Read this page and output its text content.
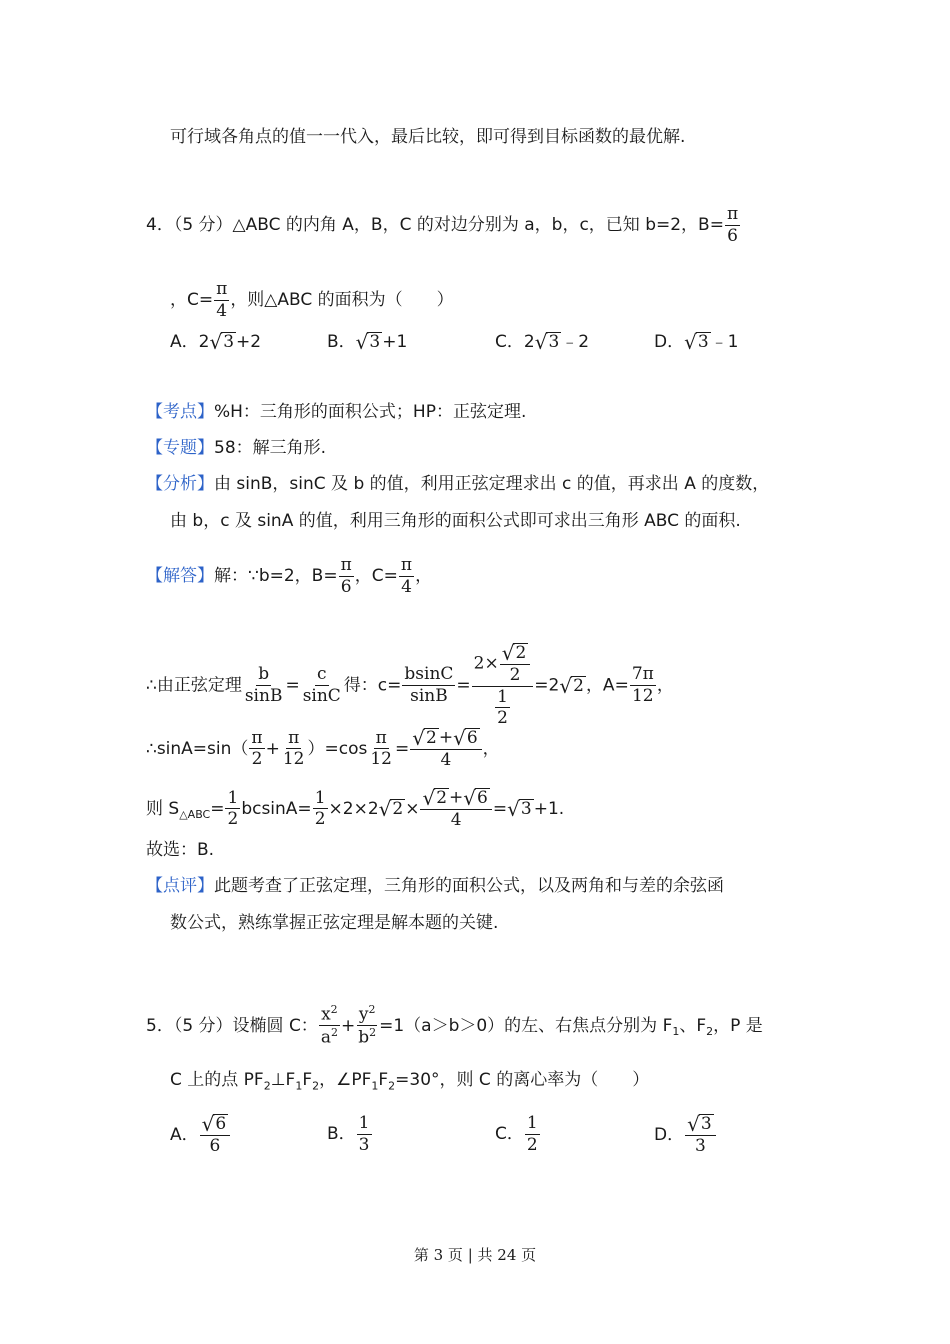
可行域各角点的值一一代入，最后比较，即可得到目标函数的最优解.
4．（5 分）△ABC 的内角 A，B，C 的对边分别为 a，b，c，已知 b=2，$B= \frac{\pi}{6}$
，$C= \frac{\pi}{4}$ ，则△ABC 的面积为（　　）
A．2 √ 3 +2	B． √ 3 +1	C．2 √ 3 ﹣2	D． √ 3 ﹣1
【考点】%H：三角形的面积公式；HP：正弦定理.
【专题】58：解三角形.
【分析】由 sinB，sinC 及 b 的值，利用正弦定理求出 c 的值，再求出 A 的度数，
由 b，c 及 sinA 的值，利用三角形的面积公式即可求出三角形 ABC 的面积.
【解答】解：∵b=2，$B= \frac{\pi}{6}$ ，$C= \frac{\pi}{4}$ ，
∴由正弦定理 $\frac{b}{\sin B} = \frac{c}{\sin C}$ 得：$c= \frac{bsinC}{\sin B} = \frac{2\times \frac{√ 2}{2}}{\frac{1}{2}} =2$ √ 2 ，$A= \frac{7\pi}{12}$ ，
∴sinA=sin（ $\frac{\pi}{2} + \frac{\pi}{12} )=\cos \frac{\pi}{12} = \frac{√ 2 + √ 6}{4}$ ，
则 $S_{\triangle ABC}= \frac{1}{2} bcsinA= \frac{1}{2} \times 2\times 2$ √ $2 \times \frac{√ 2 + √ 6}{4}$ = √ 3 +1.
故选：B.
【点评】此题考查了正弦定理，三角形的面积公式，以及两角和与差的余弦函
数公式，熟练掌握正弦定理是解本题的关键.
5．（5 分）设椭圆 C： $\frac{x^2}{a^2} + \frac{y^2}{b^2} =1(a>b>0)$的左、右焦点分别为 $F_1$、$F_2$，P 是
C 上的点 $PF_2\perp F_1F_2$，$\angle PF_1F_2=30^\circ$，则 C 的离心率为（　　）
A． $\frac{√ 6}{6}$	B． $\frac{1}{3}$	C． $\frac{1}{2}$	D． $\frac{√ 3}{3}$
第 3 页 | 共 24 页
